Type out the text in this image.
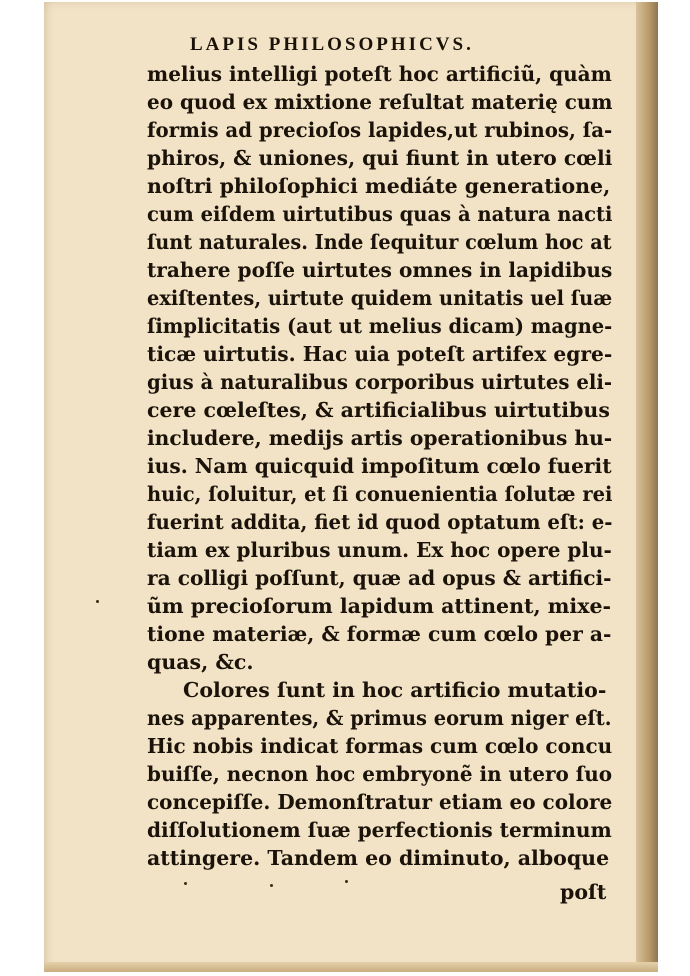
LAPIS PHILOSOPHICVS.
melius intelligi poteſt hoc artificiũ, quàm
eo quod ex mixtione reſultat materię cum
formis ad precioſos lapides,ut rubinos, ſa-
phiros, & uniones, qui fiunt in utero cœli
noſtri philoſophici mediáte generatione,
cum eiſdem uirtutibus quas à natura nacti
ſunt naturales. Inde ſequitur cœlum hoc at
trahere poſſe uirtutes omnes in lapidibus
exiſtentes, uirtute quidem unitatis uel ſuæ
ſimplicitatis (aut ut melius dicam) magne-
ticæ uirtutis. Hac uia poteſt artifex egre-
gius à naturalibus corporibus uirtutes eli-
cere cœleſtes, & artificialibus uirtutibus
includere, medijs artis operationibus hu-
ius. Nam quicquid impoſitum cœlo fuerit
huic, ſoluitur, et ſi conuenientia ſolutæ rei
fuerint addita, fiet id quod optatum eſt: e-
tiam ex pluribus unum. Ex hoc opere plu-
ra colligi poſſunt, quæ ad opus & artifici-
ũm precioſorum lapidum attinent, mixe-
tione materiæ, & formæ cum cœlo per a-
quas, &c.
Colores ſunt in hoc artificio mutatio-
nes apparentes, & primus eorum niger eſt.
Hic nobis indicat formas cum cœlo concu
buiſſe, necnon hoc embryonẽ in utero ſuo
concepiſſe. Demonſtratur etiam eo colore
diſſolutionem ſuæ perfectionis terminum
attingere. Tandem eo diminuto, alboque
poſt
